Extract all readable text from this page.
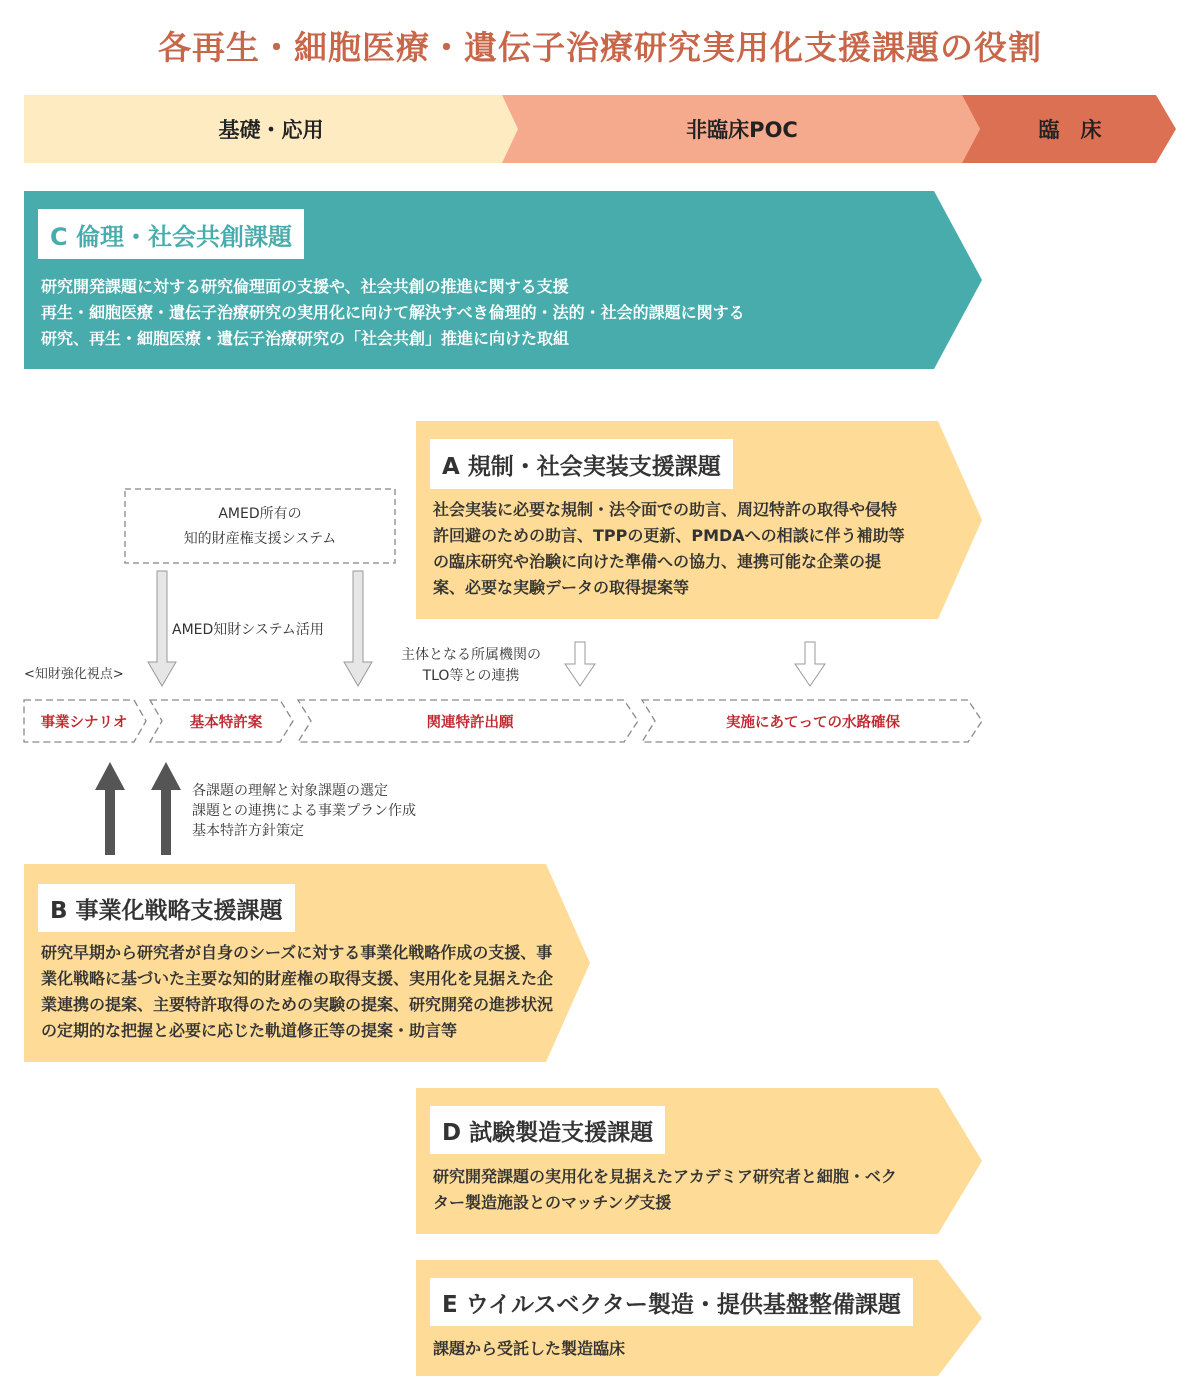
各再生・細胞医療・遺伝子治療研究実用化支援課題の役割
基礎・応用	非臨床POC	臨　床
C 倫理・社会共創課題
研究開発課題に対する研究倫理面の支援や、社会共創の推進に関する支援
再生・細胞医療・遺伝子治療研究の実用化に向けて解決すべき倫理的・法的・社会的課題に関する
研究、再生・細胞医療・遺伝子治療研究の「社会共創」推進に向けた取組
A 規制・社会実装支援課題
社会実装に必要な規制・法令面での助言、周辺特許の取得や侵特
許回避のための助言、TPPの更新、PMDAへの相談に伴う補助等
の臨床研究や治験に向けた準備への協力、連携可能な企業の提
案、必要な実験データの取得提案等
AMED所有の
知的財産権支援システム
AMED知財システム活用
主体となる所属機関の
TLO等との連携
<知財強化視点>
事業シナリオ	基本特許案	関連特許出願	実施にあてっての水路確保
各課題の理解と対象課題の選定
課題との連携による事業プラン作成
基本特許方針策定
B 事業化戦略支援課題
研究早期から研究者が自身のシーズに対する事業化戦略作成の支援、事
業化戦略に基づいた主要な知的財産権の取得支援、実用化を見据えた企
業連携の提案、主要特許取得のための実験の提案、研究開発の進捗状況
の定期的な把握と必要に応じた軌道修正等の提案・助言等
D 試験製造支援課題
研究開発課題の実用化を見据えたアカデミア研究者と細胞・ベク
ター製造施設とのマッチング支援
E ウイルスベクター製造・提供基盤整備課題
課題から受託した製造臨床
